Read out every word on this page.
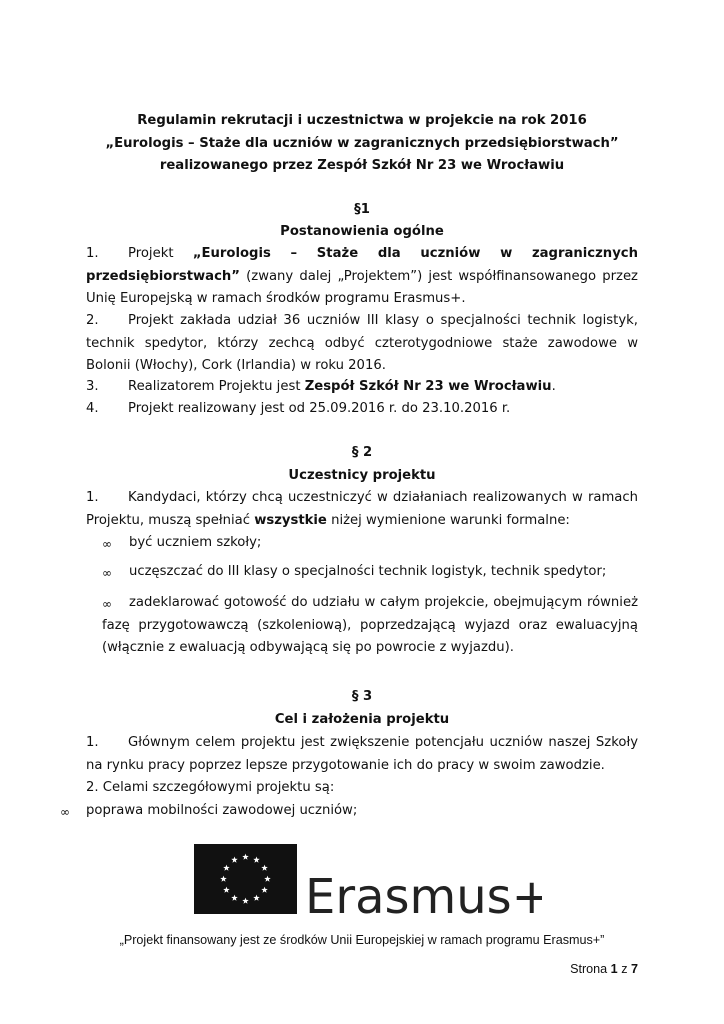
Regulamin rekrutacji i uczestnictwa w projekcie na rok 2016
„Eurologis – Staże dla uczniów w zagranicznych przedsiębiorstwach”
realizowanego przez Zespół Szkół Nr 23 we Wrocławiu
§1
Postanowienia ogólne
1. Projekt „Eurologis – Staże dla uczniów w zagranicznych przedsiębiorstwach” (zwany dalej „Projektem”) jest współfinansowanego przez Unię Europejską w ramach środków programu Erasmus+.
2. Projekt zakłada udział 36 uczniów III klasy o specjalności technik logistyk, technik spedytor, którzy zechcą odbyć czterotygodniowe staże zawodowe w Bolonii (Włochy), Cork (Irlandia) w roku 2016.
3. Realizatorem Projektu jest Zespół Szkół Nr 23 we Wrocławiu.
4. Projekt realizowany jest od 25.09.2016 r. do 23.10.2016 r.
§ 2
Uczestnicy projektu
1. Kandydaci, którzy chcą uczestniczyć w działaniach realizowanych w ramach Projektu, muszą spełniać wszystkie niżej wymienione warunki formalne:
∞ być uczniem szkoły;
∞ uczęszczać do III klasy o specjalności technik logistyk, technik spedytor;
∞	zadeklarować gotowość do udziału w całym projekcie, obejmującym również fazę przygotowawczą (szkoleniową), poprzedzającą wyjazd oraz ewaluacyjną (włącznie z ewaluacją odbywającą się po powrocie z wyjazdu).
§ 3
Cel i założenia projektu
1. Głównym celem projektu jest zwiększenie potencjału uczniów naszej Szkoły na rynku pracy poprzez lepsze przygotowanie ich do pracy w swoim zawodzie.
2. Celami szczegółowymi projektu są:
∞ poprawa mobilności zawodowej uczniów;
Erasmus+
„Projekt finansowany jest ze środków Unii Europejskiej w ramach programu Erasmus+”
Strona 1 z 7
